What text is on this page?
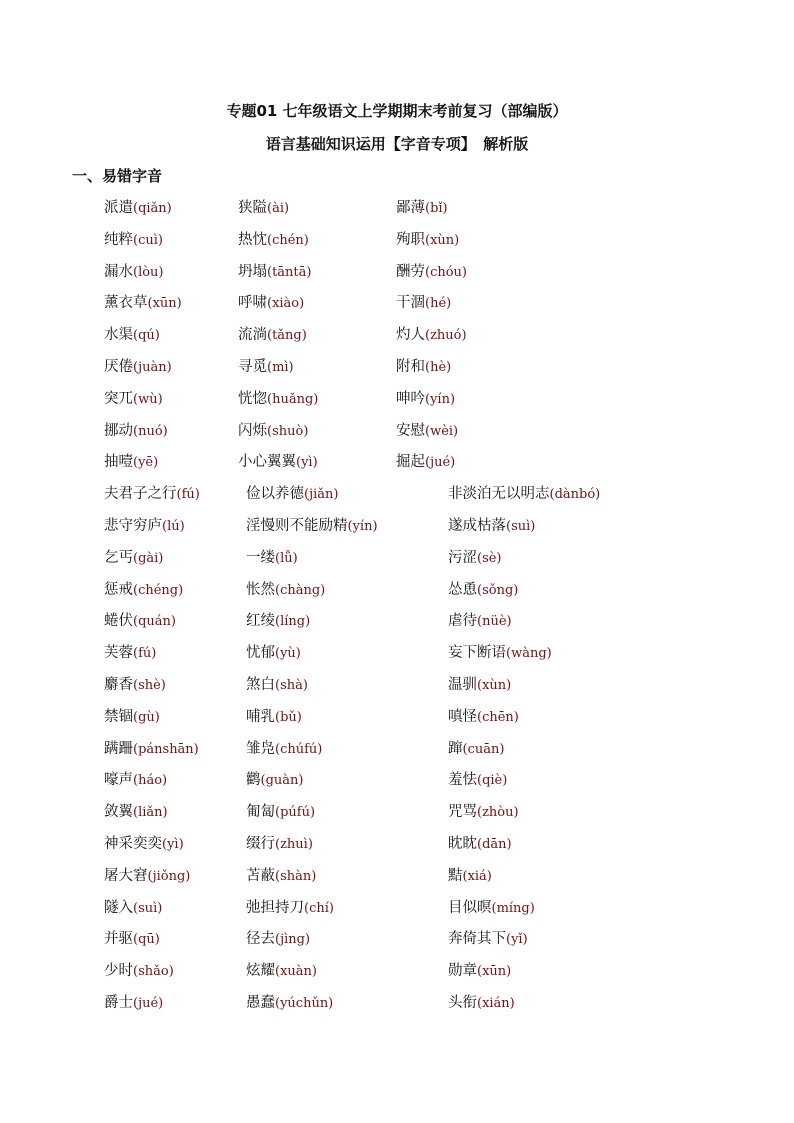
专题01 七年级语文上学期期末考前复习（部编版）
语言基础知识运用【字音专项】　解析版
一、易错字音
派遣(qiǎn)	狭隘(ài)	鄙薄(bǐ)
纯粹(cuì)	热忱(chén)	殉职(xùn)
漏水(lòu)	坍塌(tāntā)	酬劳(chóu)
薰衣草(xūn)	呼啸(xiào)	干涸(hé)
水渠(qú)	流淌(tǎng)	灼人(zhuó)
厌倦(juàn)	寻觅(mì)	附和(hè)
突兀(wù)	恍惚(huǎng)	呻吟(yín)
挪动(nuó)	闪烁(shuò)	安慰(wèi)
抽噎(yē)	小心翼翼(yì)	掘起(jué)
夫君子之行(fú)	俭以养德(jiǎn)	非淡泊无以明志(dànbó)
悲守穷庐(lú)	淫慢则不能励精(yín)	遂成枯落(suì)
乞丐(gài)	一缕(lǚ)	污涩(sè)
惩戒(chéng)	怅然(chàng)	怂恿(sǒng)
蜷伏(quán)	红绫(líng)	虐待(nüè)
芙蓉(fú)	忧郁(yù)	妄下断语(wàng)
麝香(shè)	煞白(shà)	温驯(xùn)
禁锢(gù)	哺乳(bǔ)	嗔怪(chēn)
蹒跚(pánshān)	雏凫(chúfú)	蹿(cuān)
嚎声(háo)	鹳(guàn)	羞怯(qiè)
敛翼(liǎn)	匍匐(púfú)	咒骂(zhòu)
神采奕奕(yì)	缀行(zhuì)	眈眈(dān)
屠大窘(jiǒng)	苫蔽(shàn)	黠(xiá)
隧入(suì)	弛担持刀(chí)	目似暝(míng)
并驱(qū)	径去(jìng)	奔倚其下(yǐ)
少时(shǎo)	炫耀(xuàn)	勋章(xūn)
爵士(jué)	愚蠢(yúchǔn)	头衔(xián)
